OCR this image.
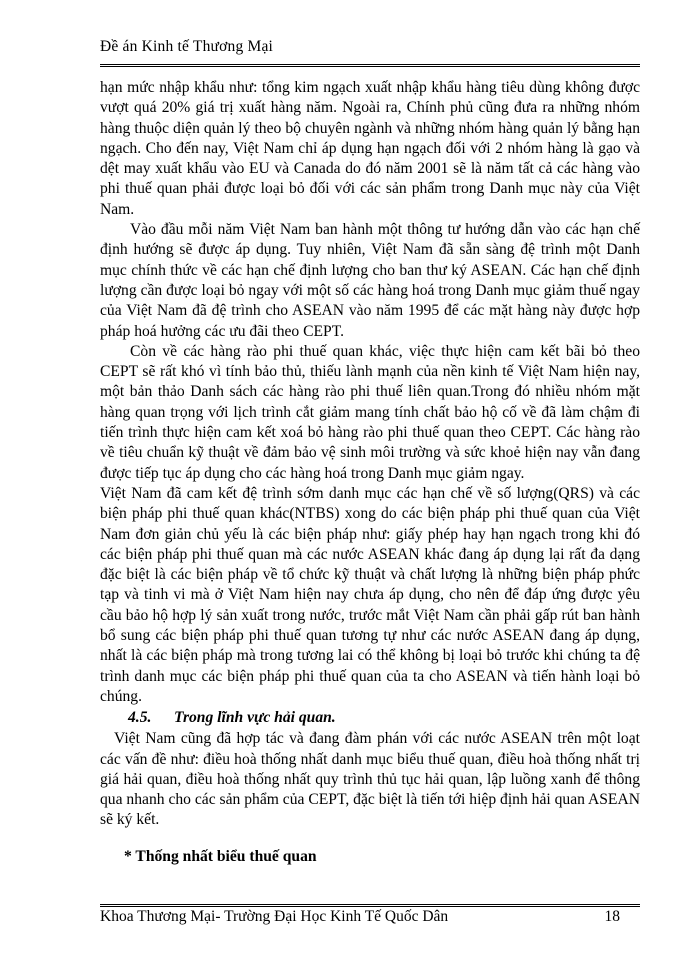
Đề án Kinh tế Thương Mại

hạn mức nhập khẩu như: tổng kim ngạch xuất nhập khẩu hàng tiêu dùng không được vượt quá 20% giá trị xuất hàng năm. Ngoài ra, Chính phủ cũng đưa ra những nhóm hàng thuộc diện quản lý theo bộ chuyên ngành và những nhóm hàng quản lý bằng hạn ngạch. Cho đến nay, Việt Nam chỉ áp dụng hạn ngạch đối với 2 nhóm hàng là gạo và dệt may xuất khẩu vào EU và Canada do đó năm 2001 sẽ là năm tất cả các hàng vào phi thuế quan phải được loại bỏ đối với các sản phẩm trong Danh mục này của Việt Nam.

Vào đầu mỗi năm Việt Nam ban hành một thông tư hướng dẫn vào các hạn chế định hướng sẽ được áp dụng. Tuy nhiên, Việt Nam đã sẵn sàng đệ trình một Danh mục chính thức về các hạn chế định lượng cho ban thư ký ASEAN. Các hạn chế định lượng cần được loại bỏ ngay với một số các hàng hoá trong Danh mục giảm thuế ngay của Việt Nam đã đệ trình cho ASEAN vào năm 1995 để các mặt hàng này được hợp pháp hoá hưởng các ưu đãi theo CEPT.

Còn về các hàng rào phi thuế quan khác, việc thực hiện cam kết bãi bỏ theo CEPT sẽ rất khó vì tính bảo thủ, thiếu lành mạnh của nền kinh tế Việt Nam hiện nay, một bản thảo Danh sách các hàng rào phi thuế liên quan.Trong đó nhiều nhóm mặt hàng quan trọng với lịch trình cắt giảm mang tính chất bảo hộ cố về đã làm chậm đi tiến trình thực hiện cam kết xoá bỏ hàng rào phi thuế quan theo CEPT. Các hàng rào về tiêu chuẩn kỹ thuật về đảm bảo vệ sinh môi trường và sức khoẻ hiện nay vẫn đang được tiếp tục áp dụng cho các hàng hoá trong Danh mục giảm ngay.

Việt Nam đã cam kết đệ trình sớm danh mục các hạn chế về số lượng(QRS) và các biện pháp phi thuế quan khác(NTBS) xong do các biện pháp phi thuế quan của Việt Nam đơn giản chủ yếu là các biện pháp như: giấy phép hay hạn ngạch trong khi đó các biện pháp phi thuế quan mà các nước ASEAN khác đang áp dụng lại rất đa dạng đặc biệt là các biện pháp về tổ chức kỹ thuật và chất lượng là những biện pháp phức tạp và tinh vi mà ở Việt Nam hiện nay chưa áp dụng, cho nên để đáp ứng được yêu cầu bảo hộ hợp lý sản xuất trong nước, trước mắt Việt Nam cần phải gấp rút ban hành bổ sung các biện pháp phi thuế quan tương tự như các nước ASEAN đang áp dụng, nhất là các biện pháp mà trong tương lai có thể không bị loại bỏ trước khi chúng ta đệ trình danh mục các biện pháp phi thuế quan của ta cho ASEAN và tiến hành loại bỏ chúng.

4.5. Trong lĩnh vực hải quan.

Việt Nam cũng đã hợp tác và đang đàm phán với các nước ASEAN trên một loạt các vấn đề như: điều hoà thống nhất danh mục biểu thuế quan, điều hoà thống nhất trị giá hải quan, điều hoà thống nhất quy trình thủ tục hải quan, lập luồng xanh để thông qua nhanh cho các sản phẩm của CEPT, đặc biệt là tiến tới hiệp định hải quan ASEAN sẽ ký kết.

* Thống nhất biểu thuế quan

Khoa Thương Mại- Trường Đại Học Kinh Tế Quốc Dân	18
